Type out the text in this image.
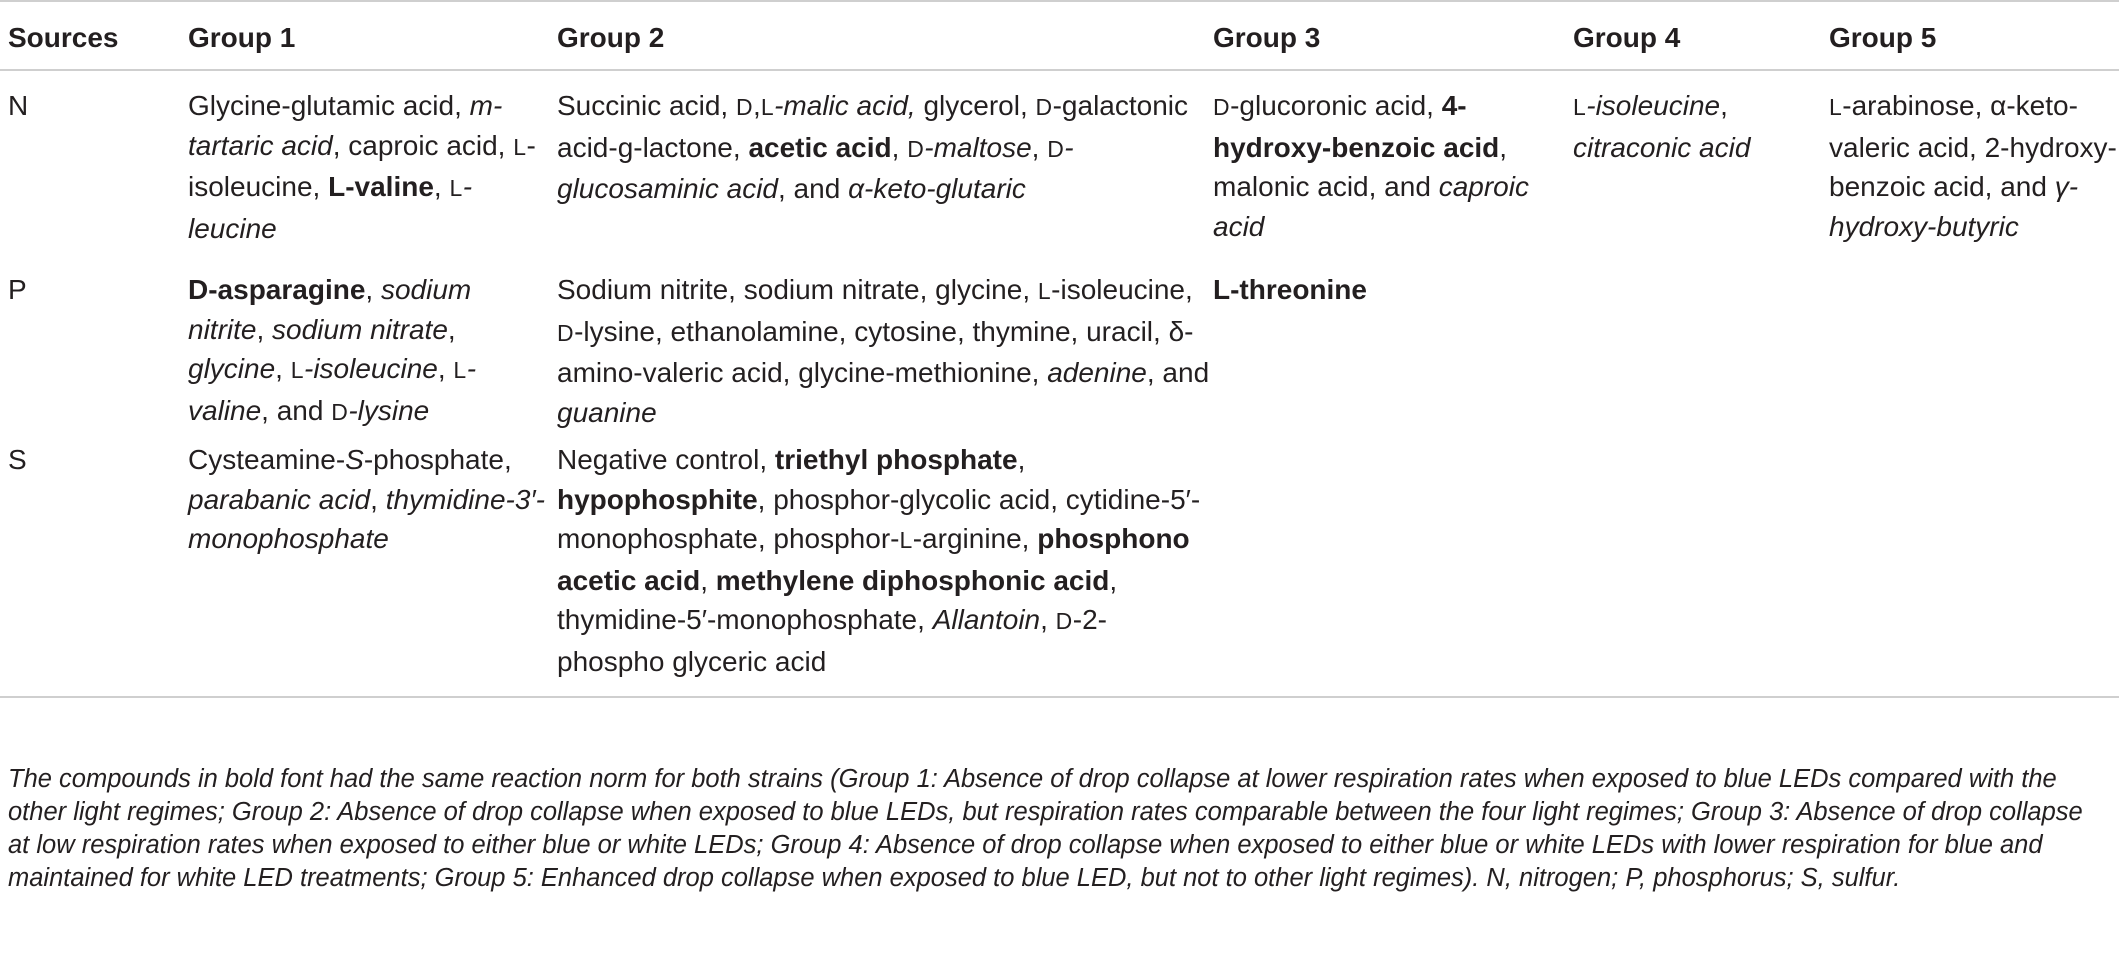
Sources	Group 1	Group 2	Group 3	Group 4	Group 5
N	Glycine-glutamic acid, m-tartaric acid, caproic acid, L-isoleucine, L-valine, L-leucine	Succinic acid, D,L-malic acid, glycerol, D-galactonic acid-g-lactone, acetic acid, D-maltose, D-glucosaminic acid, and α-keto-glutaric	D-glucoronic acid, 4-hydroxy-benzoic acid, malonic acid, and caproic acid	L-isoleucine, citraconic acid	L-arabinose, α-keto-valeric acid, 2-hydroxy-benzoic acid, and γ-hydroxy-butyric
P	D-asparagine, sodium nitrite, sodium nitrate, glycine, L-isoleucine, L-valine, and D-lysine	Sodium nitrite, sodium nitrate, glycine, L-isoleucine, D-lysine, ethanolamine, cytosine, thymine, uracil, δ-amino-valeric acid, glycine-methionine, adenine, and guanine	L-threonine		
S	Cysteamine-S-phosphate, parabanic acid, thymidine-3′-monophosphate	Negative control, triethyl phosphate, hypophosphite, phosphor-glycolic acid, cytidine-5′-monophosphate, phosphor-L-arginine, phosphono acetic acid, methylene diphosphonic acid, thymidine-5′-monophosphate, Allantoin, D-2-phospho glyceric acid			
The compounds in bold font had the same reaction norm for both strains (Group 1: Absence of drop collapse at lower respiration rates when exposed to blue LEDs compared with the other light regimes; Group 2: Absence of drop collapse when exposed to blue LEDs, but respiration rates comparable between the four light regimes; Group 3: Absence of drop collapse at low respiration rates when exposed to either blue or white LEDs; Group 4: Absence of drop collapse when exposed to either blue or white LEDs with lower respiration for blue and maintained for white LED treatments; Group 5: Enhanced drop collapse when exposed to blue LED, but not to other light regimes). N, nitrogen; P, phosphorus; S, sulfur.
